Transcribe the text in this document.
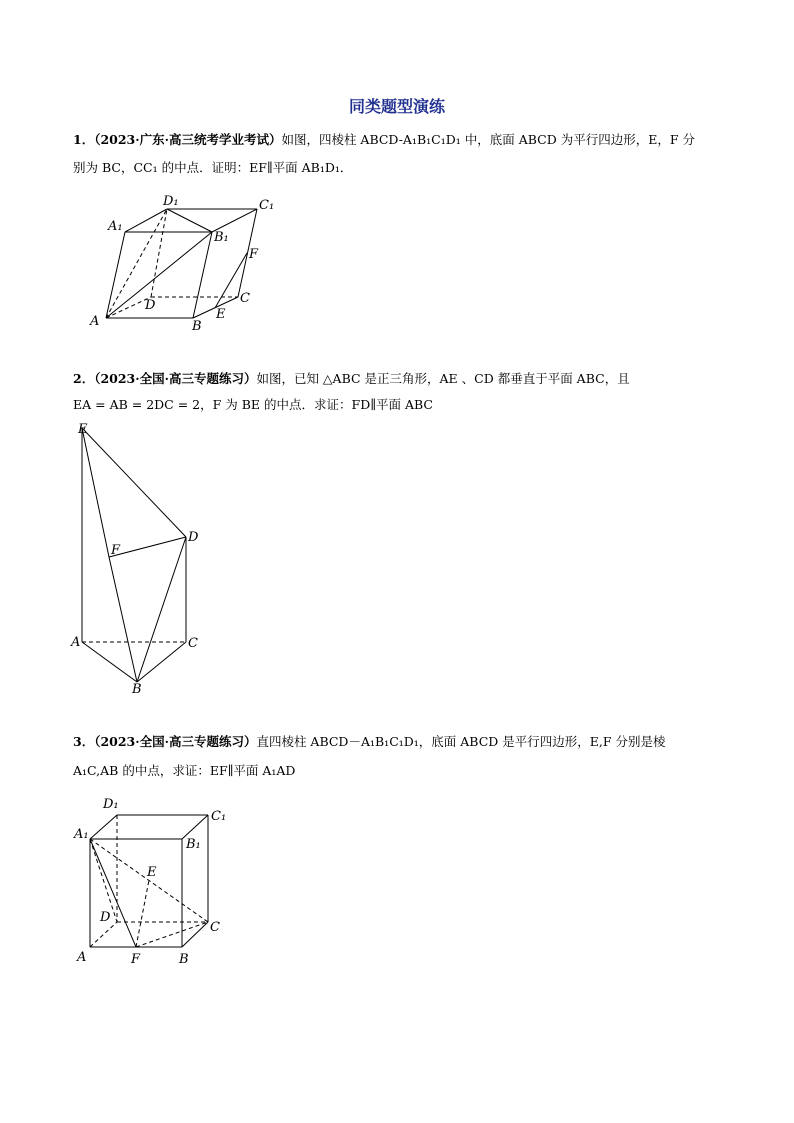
同类题型演练
1．（2023·广东·高三统考学业考试）如图，四棱柱 ABCD-A₁B₁C₁D₁ 中，底面 ABCD 为平行四边形，E，F 分
别为 BC，CC₁ 的中点．证明：EF∥平面 AB₁D₁．
A	B
C
D
E
F
A₁
B₁
C₁
D₁
2．（2023·全国·高三专题练习）如图，已知 △ABC 是正三角形，AE 、CD 都垂直于平面 ABC，且
EA = AB = 2DC = 2，F 为 BE 的中点．求证：FD∥平面 ABC
E
F
D
A	C
B
3．（2023·全国·高三专题练习）直四棱柱 ABCD－A₁B₁C₁D₁，底面 ABCD 是平行四边形，E,F 分别是棱
A₁C,AB 的中点，求证：EF∥平面 A₁AD
D₁
C₁
A₁
B₁
E
D
C
A	F	B
